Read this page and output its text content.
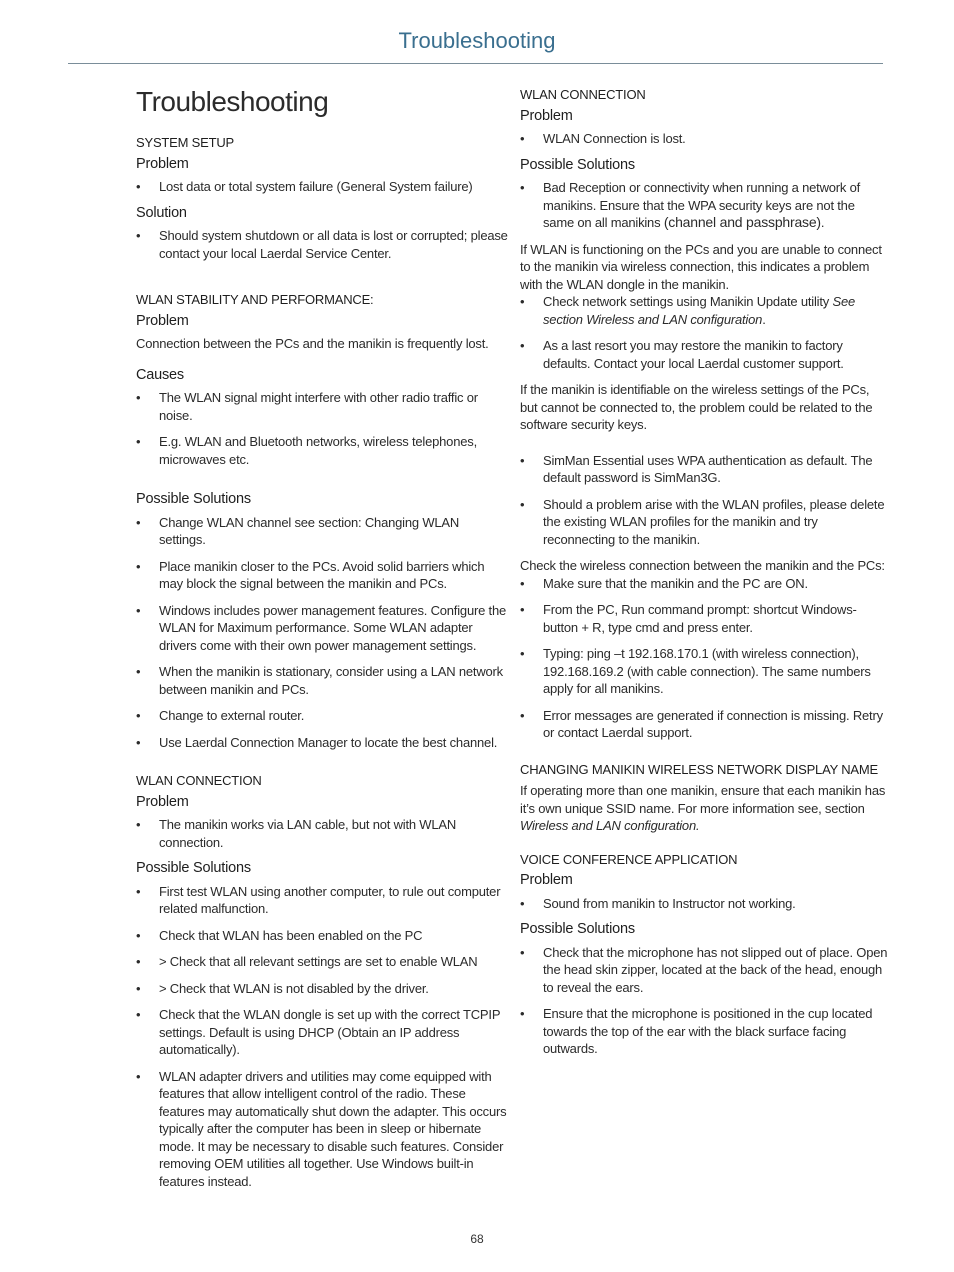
Troubleshooting
Troubleshooting
SYSTEM SETUP
Problem
• Lost data or total system failure (General System failure)
Solution
• Should system shutdown or all data is lost or corrupted; please contact your local Laerdal Service Center.
WLAN STABILITY AND PERFORMANCE:
Problem

Connection between the PCs and the manikin is frequently lost.

Causes
• The WLAN signal might interfere with other radio traffic or noise.
• E.g. WLAN and Bluetooth networks, wireless telephones, microwaves etc.
Possible Solutions
• Change WLAN channel see section: Changing WLAN settings.
• Place manikin closer to the PCs. Avoid solid barriers which may block the signal between the manikin and PCs.
• Windows includes power management features. Configure the WLAN for Maximum performance. Some WLAN adapter drivers come with their own power management settings.
• When the manikin is stationary, consider using a LAN network between manikin and PCs.
• Change to external router.
• Use Laerdal Connection Manager to locate the best channel.
WLAN CONNECTION
Problem
• The manikin works via LAN cable, but not with WLAN connection.
Possible Solutions
• First test WLAN using another computer, to rule out computer related malfunction.
• Check that WLAN has been enabled on the PC
• > Check that all relevant settings are set to enable WLAN
• > Check that WLAN is not disabled by the driver.
• Check that the WLAN dongle is set up with the correct TCPIP settings. Default is using DHCP (Obtain an IP address automatically).
• WLAN adapter drivers and utilities may come equipped with features that allow intelligent control of the radio. These features may automatically shut down the adapter. This occurs typically after the computer has been in sleep or hibernate mode. It may be necessary to disable such features. Consider removing OEM utilities all together. Use Windows built-in features instead.
WLAN CONNECTION
Problem
• WLAN Connection is lost.
Possible Solutions
• Bad Reception or connectivity when running a network of manikins. Ensure that the WPA security keys are not the same on all manikins (channel and passphrase).

If WLAN is functioning on the PCs and you are unable to connect to the manikin via wireless connection, this indicates a problem with the WLAN dongle in the manikin.

• Check network settings using Manikin Update utility See section Wireless and LAN configuration.
• As a last resort you may restore the manikin to factory defaults. Contact your local Laerdal customer support.

If the manikin is identifiable on the wireless settings of the PCs, but cannot be connected to, the problem could be related to the software security keys.

• SimMan Essential uses WPA authentication as default. The default password is SimMan3G.
• Should a problem arise with the WLAN profiles, please delete the existing WLAN profiles for the manikin and try reconnecting to the manikin.

Check the wireless connection between the manikin and the PCs:

• Make sure that the manikin and the PC are ON.
• From the PC, Run command prompt: shortcut Windows-button + R, type cmd and press enter.
• Typing: ping –t 192.168.170.1 (with wireless connection), 192.168.169.2 (with cable connection). The same numbers apply for all manikins.
• Error messages are generated if connection is missing. Retry or contact Laerdal support.
CHANGING MANIKIN WIRELESS NETWORK DISPLAY NAME

If operating more than one manikin, ensure that each manikin has it’s own unique SSID name. For more information see, section Wireless and LAN configuration.

VOICE CONFERENCE APPLICATION
Problem
• Sound from manikin to Instructor not working.
Possible Solutions
• Check that the microphone has not slipped out of place. Open the head skin zipper, located at the back of the head, enough to reveal the ears.
• Ensure that the microphone is positioned in the cup located towards the top of the ear with the black surface facing outwards.
68
